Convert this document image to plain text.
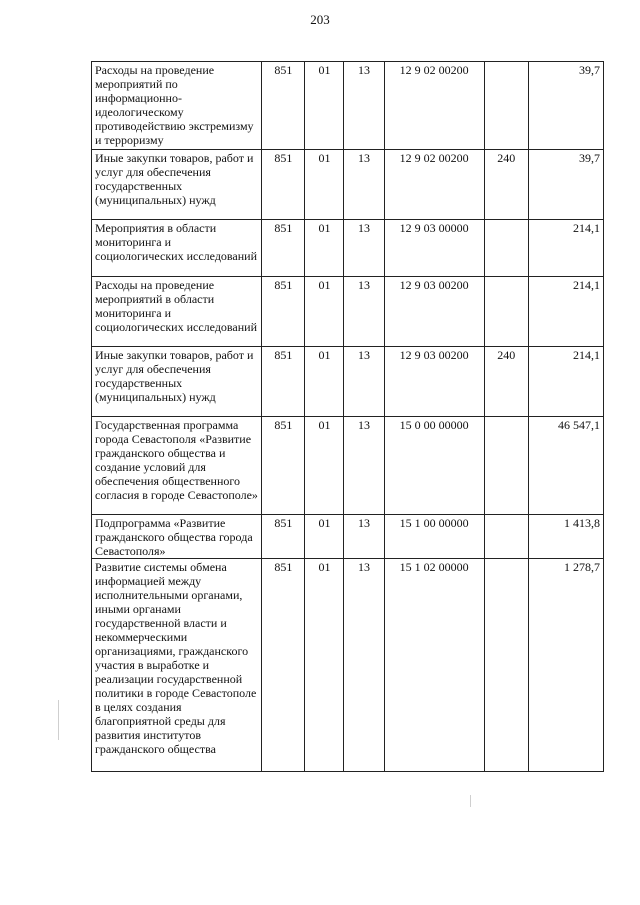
203
Расходы на проведение мероприятий по информационно-идеологическому противодействию экстремизму и терроризму	851	01	13	12 9 02 00200		39,7
Иные закупки товаров, работ и услуг для обеспечения государственных (муниципальных) нужд	851	01	13	12 9 02 00200	240	39,7
Мероприятия в области мониторинга и социологических исследований	851	01	13	12 9 03 00000		214,1
Расходы на проведение мероприятий в области мониторинга и социологических исследований	851	01	13	12 9 03 00200		214,1
Иные закупки товаров, работ и услуг для обеспечения государственных (муниципальных) нужд	851	01	13	12 9 03 00200	240	214,1
Государственная программа города Севастополя «Развитие гражданского общества и создание условий для обеспечения общественного согласия в городе Севастополе»	851	01	13	15 0 00 00000		46 547,1
Подпрограмма «Развитие гражданского общества города Севастополя»	851	01	13	15 1 00 00000		1 413,8
Развитие системы обмена информацией между исполнительными органами, иными органами государственной власти и некоммерческими организациями, гражданского участия в выработке и реализации государственной политики в городе Севастополе в целях создания благоприятной среды для развития институтов гражданского общества	851	01	13	15 1 02 00000		1 278,7
